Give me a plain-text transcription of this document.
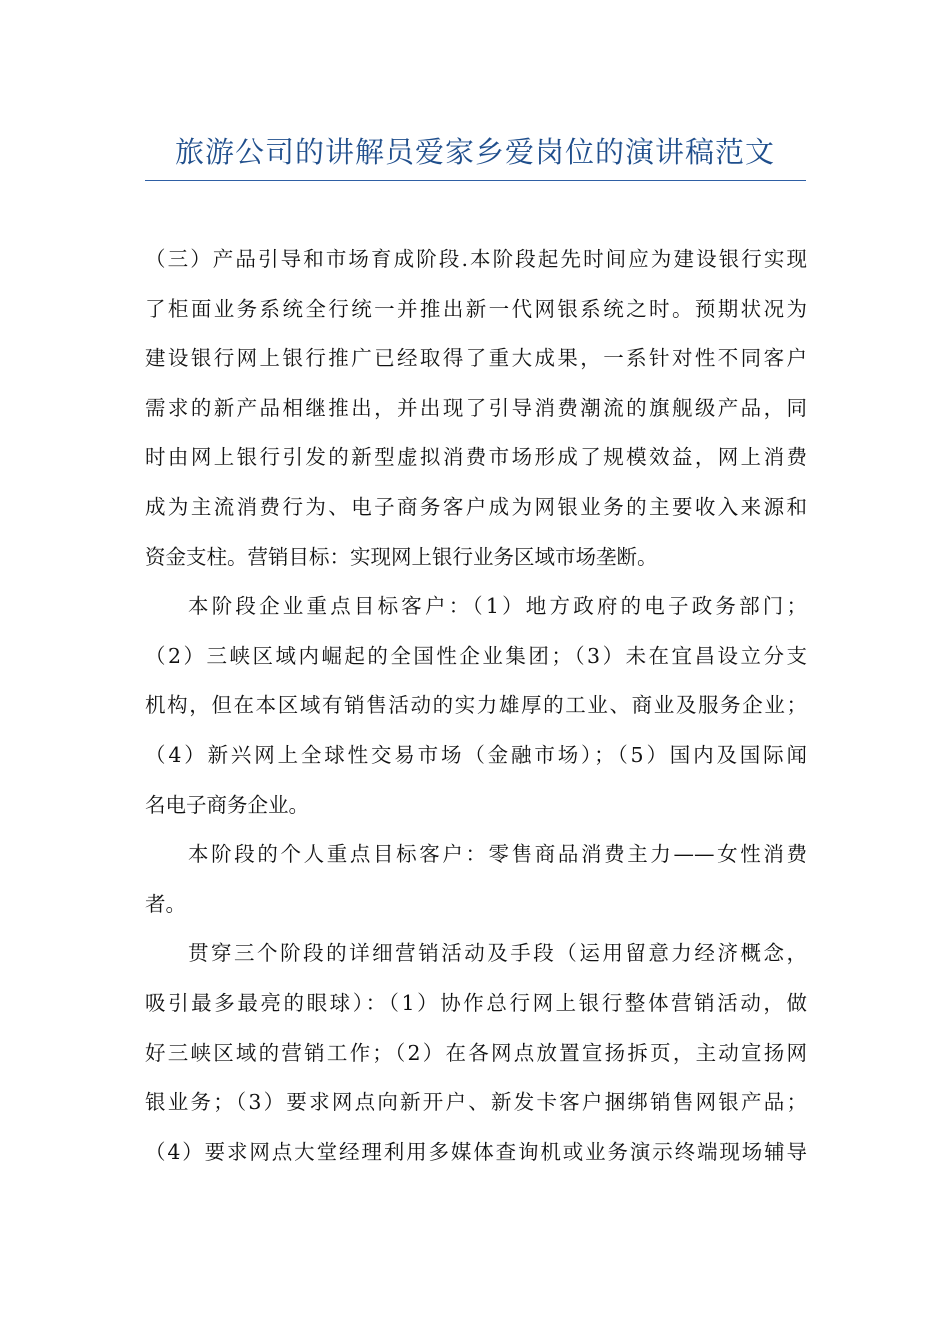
旅游公司的讲解员爱家乡爱岗位的演讲稿范文
（三）产品引导和市场育成阶段.本阶段起先时间应为建设银行实现
了柜面业务系统全行统一并推出新一代网银系统之时。预期状况为
建设银行网上银行推广已经取得了重大成果，一系针对性不同客户
需求的新产品相继推出，并出现了引导消费潮流的旗舰级产品，同
时由网上银行引发的新型虚拟消费市场形成了规模效益，网上消费
成为主流消费行为、电子商务客户成为网银业务的主要收入来源和
资金支柱。营销目标：实现网上银行业务区域市场垄断。
本阶段企业重点目标客户：（1）地方政府的电子政务部门；
（2）三峡区域内崛起的全国性企业集团；（3）未在宜昌设立分支
机构，但在本区域有销售活动的实力雄厚的工业、商业及服务企业；
（4）新兴网上全球性交易市场（金融市场）；（5）国内及国际闻
名电子商务企业。
本阶段的个人重点目标客户：零售商品消费主力——女性消费
者。
贯穿三个阶段的详细营销活动及手段（运用留意力经济概念，
吸引最多最亮的眼球）：（1）协作总行网上银行整体营销活动，做
好三峡区域的营销工作；（2）在各网点放置宣扬拆页，主动宣扬网
银业务；（3）要求网点向新开户、新发卡客户捆绑销售网银产品；
（4）要求网点大堂经理利用多媒体查询机或业务演示终端现场辅导
